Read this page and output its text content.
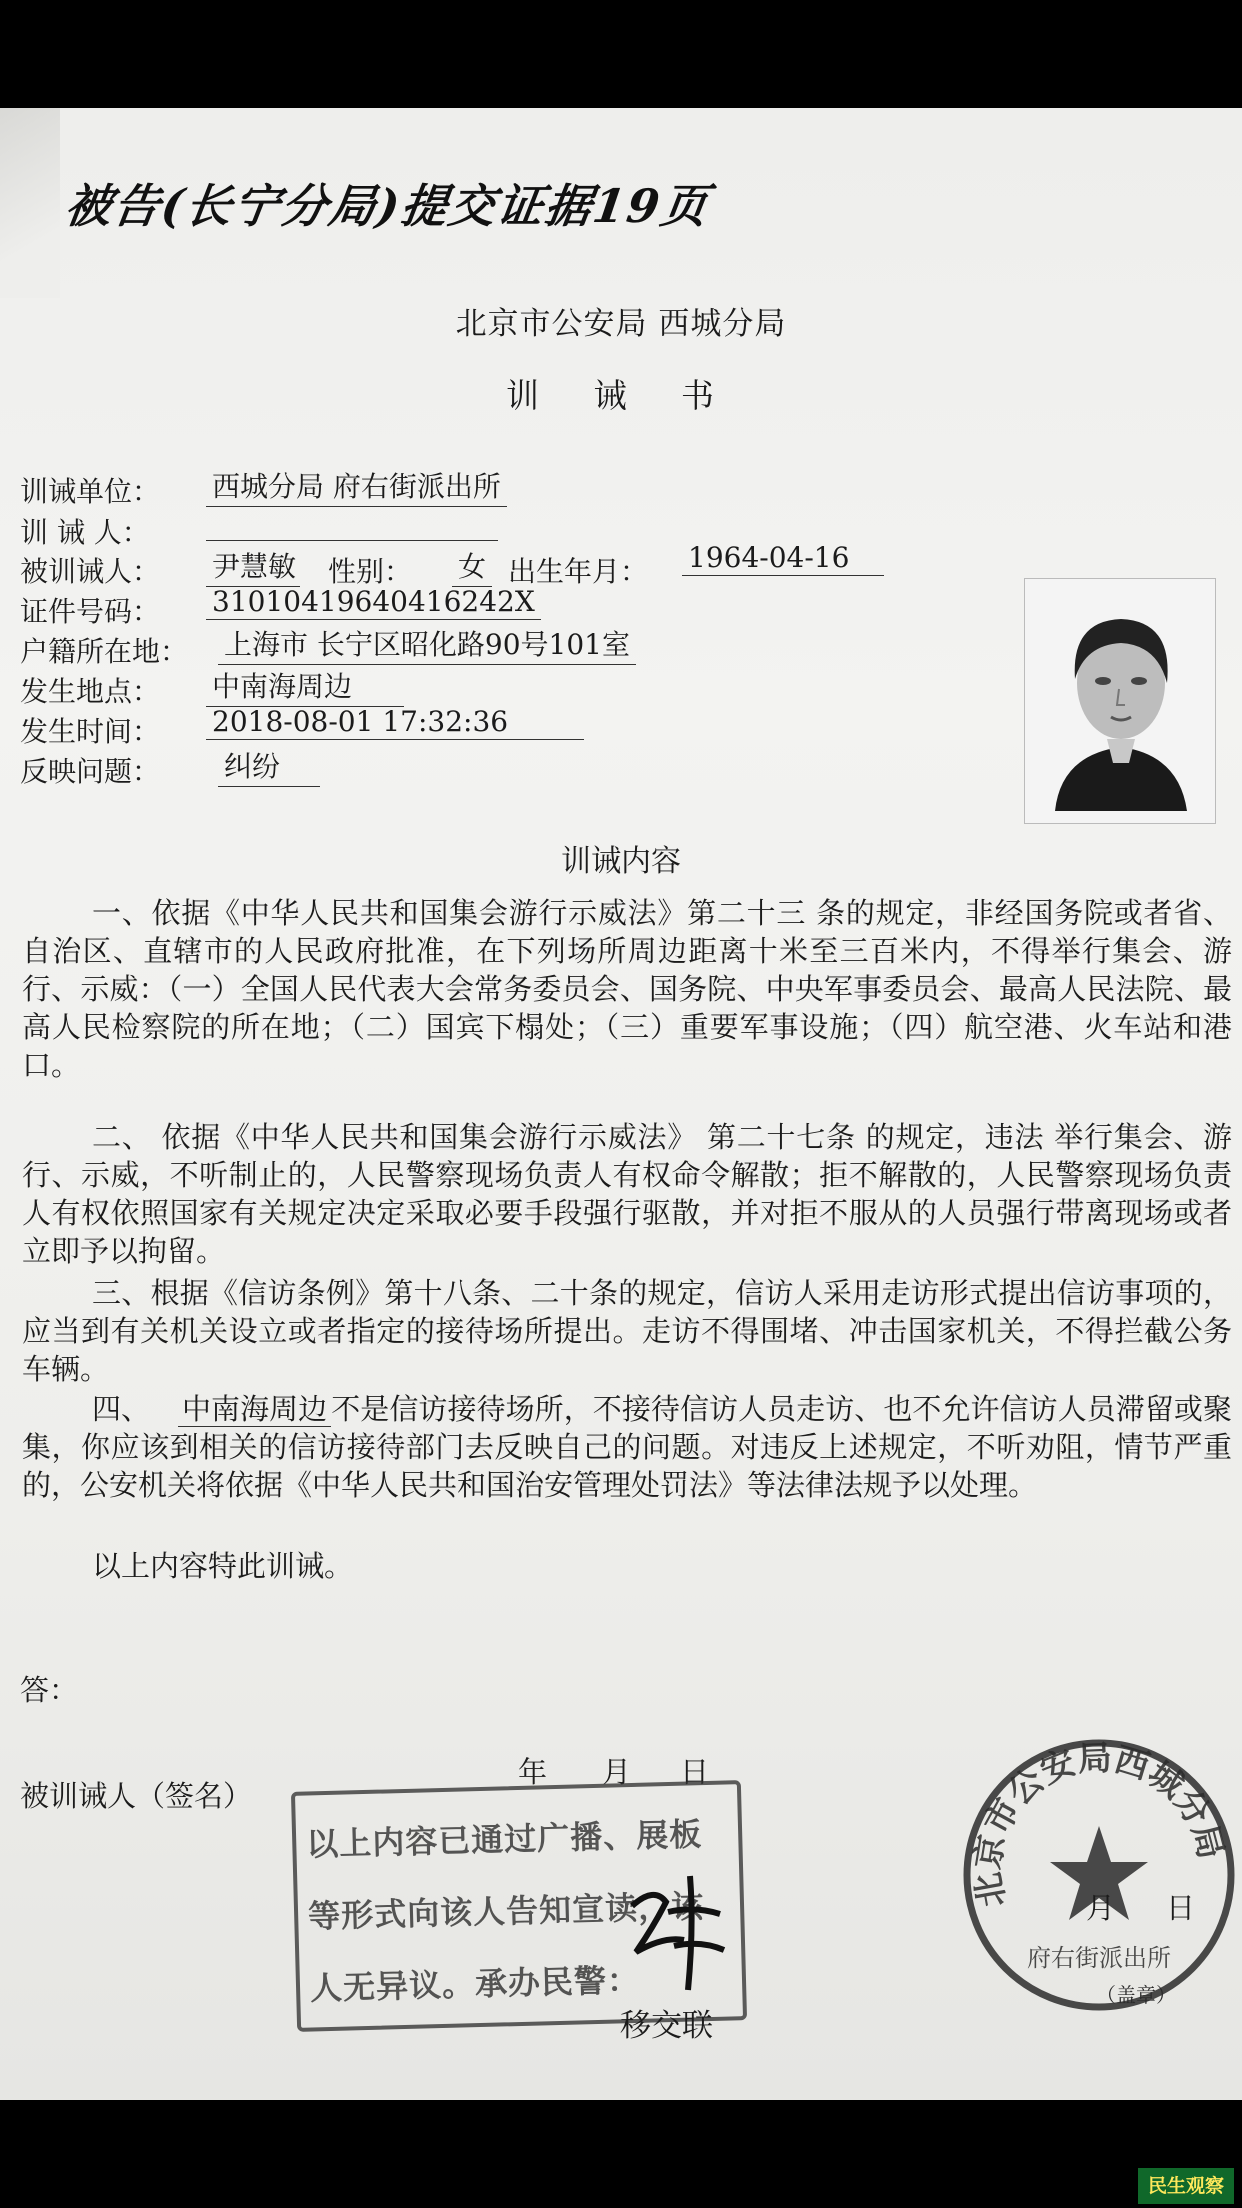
被告(长宁分局)提交证据19页
北京市公安局 西城分局
训 诫 书
训诫单位： 西城分局 府右街派出所
训 诫 人：
被训诫人： 尹慧敏 性别： 女 出生年月： 1964-04-16
证件号码： 31010419640416242X
户籍所在地： 上海市 长宁区昭化路90号101室
发生地点： 中南海周边
发生时间： 2018-08-01 17:32:36
反映问题： 纠纷
训诫内容
一、依据《中华人民共和国集会游行示威法》第二十三 条的规定，非经国务院或者省、自治区、直辖市的人民政府批准，在下列场所周边距离十米至三百米内，不得举行集会、游行、示威：（一）全国人民代表大会常务委员会、国务院、中央军事委员会、最高人民法院、最高人民检察院的所在地；（二）国宾下榻处；（三）重要军事设施；（四）航空港、火车站和港口。
二、 依据《中华人民共和国集会游行示威法》 第二十七条 的规定，违法 举行集会、游行、示威，不听制止的，人民警察现场负责人有权命令解散；拒不解散的，人民警察现场负责人有权依照国家有关规定决定采取必要手段强行驱散，并对拒不服从的人员强行带离现场或者立即予以拘留。
三、根据《信访条例》第十八条、二十条的规定，信访人采用走访形式提出信访事项的，应当到有关机关设立或者指定的接待场所提出。走访不得围堵、冲击国家机关，不得拦截公务车辆。
四、 中南海周边 不是信访接待场所，不接待信访人员走访、也不允许信访人员滞留或聚集，你应该到相关的信访接待部门去反映自己的问题。对违反上述规定，不听劝阻，情节严重的，公安机关将依据《中华人民共和国治安管理处罚法》等法律法规予以处理。
以上内容特此训诫。
答：
被训诫人（签名）
年 月 日
以上内容已通过广播、展板
等形式向该人告知宣读，该
人无异议。承办民警：
北京市公安局西城分局
府右街派出所
（盖章）
月 日
移交联
民生观察
